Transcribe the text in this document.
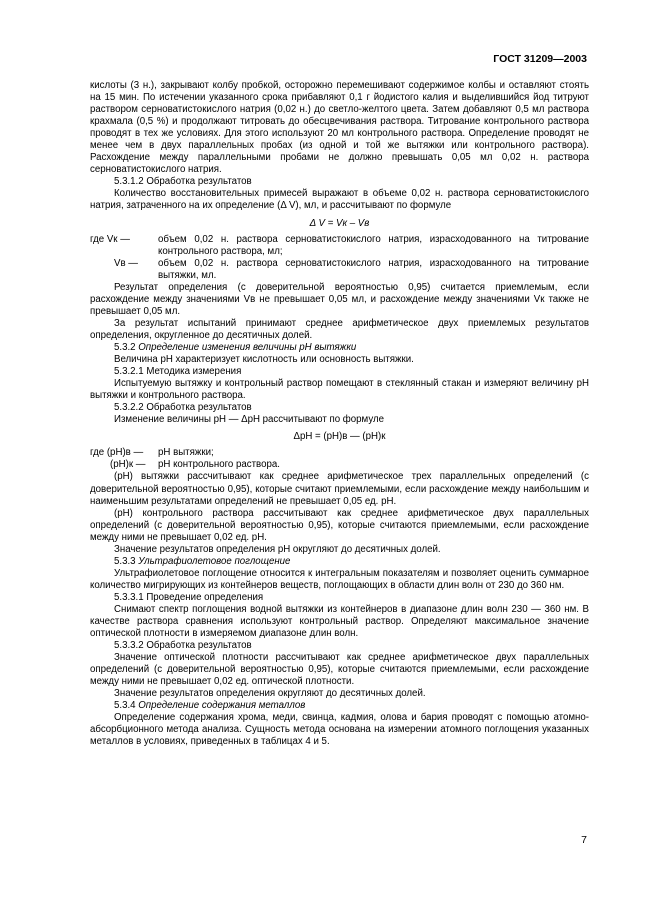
ГОСТ 31209—2003

кислоты (3 н.), закрывают колбу пробкой, осторожно перемешивают содержимое колбы и оставляют стоять на 15 мин. По истечении указанного срока прибавляют 0,1 г йодистого калия и выделившийся йод титруют раствором серноватистокислого натрия (0,02 н.) до светло-желтого цвета. Затем добавляют 0,5 мл раствора крахмала (0,5 %) и продолжают титровать до обесцвечивания раствора. Титрование контрольного раствора проводят в тех же условиях. Для этого используют 20 мл контрольного раствора. Определение проводят не менее чем в двух параллельных пробах (из одной и той же вытяжки или контрольного раствора). Расхождение между параллельными пробами не должно превышать 0,05 мл 0,02 н. раствора серноватистокислого натрия.

5.3.1.2 Обработка результатов

Количество восстановительных примесей выражают в объеме 0,02 н. раствора серноватистокислого натрия, затраченного на их определение (Δ V), мл, и рассчитывают по формуле

Δ V = Vк – Vв

где Vк —	объем 0,02 н. раствора серноватистокислого натрия, израсходованного на титрование контрольного раствора, мл;

Vв — объем 0,02 н. раствора серноватистокислого натрия, израсходованного на титрование вытяжки, мл.

Результат определения (с доверительной вероятностью 0,95) считается приемлемым, если расхождение между значениями Vв не превышает 0,05 мл, и расхождение между значениями Vк также не превышает 0,05 мл.

За результат испытаний принимают среднее арифметическое двух приемлемых результатов определения, округленное до десятичных долей.

5.3.2 Определение изменения величины pH вытяжки

Величина pH характеризует кислотность или основность вытяжки.

5.3.2.1 Методика измерения

Испытуемую вытяжку и контрольный раствор помещают в стеклянный стакан и измеряют величину pH вытяжки и контрольного раствора.

5.3.2.2 Обработка результатов

Изменение величины pH — ΔpH рассчитывают по формуле

ΔpH = (pH)в — (pH)к

где (pH)в — pH вытяжки;

(pH)к — pH контрольного раствора.

(pH) вытяжки рассчитывают как среднее арифметическое трех параллельных определений (с доверительной вероятностью 0,95), которые считают приемлемыми, если расхождение между наибольшим и наименьшим результатами определений не превышает 0,05 ед. pH.

(pH) контрольного раствора рассчитывают как среднее арифметическое двух параллельных определений (с доверительной вероятностью 0,95), которые считаются приемлемыми, если расхождение между ними не превышает 0,02 ед. pH.

Значение результатов определения pH округляют до десятичных долей.

5.3.3 Ультрафиолетовое поглощение

Ультрафиолетовое поглощение относится к интегральным показателям и позволяет оценить суммарное количество мигрирующих из контейнеров веществ, поглощающих в области длин волн от 230 до 360 нм.

5.3.3.1 Проведение определения

Снимают спектр поглощения водной вытяжки из контейнеров в диапазоне длин волн 230 — 360 нм. В качестве раствора сравнения используют контрольный раствор. Определяют максимальное значение оптической плотности в измеряемом диапазоне длин волн.

5.3.3.2 Обработка результатов

Значение оптической плотности рассчитывают как среднее арифметическое двух параллельных определений (с доверительной вероятностью 0,95), которые считаются приемлемыми, если расхождение между ними не превышает 0,02 ед. оптической плотности.

Значение результатов определения округляют до десятичных долей.

5.3.4 Определение содержания металлов

Определение содержания хрома, меди, свинца, кадмия, олова и бария проводят с помощью атомно-абсорбционного метода анализа. Сущность метода основана на измерении атомного поглощения указанных металлов в условиях, приведенных в таблицах 4 и 5.

7
